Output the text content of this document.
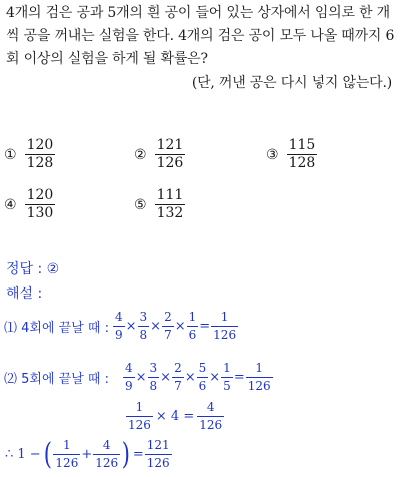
4개의 검은 공과 5개의 흰 공이 들어 있는 상자에서 임의로 한 개
씩 공을 꺼내는 실험을 한다. 4개의 검은 공이 모두 나올 때까지 6
회 이상의 실험을 하게 될 확률은?
(단, 꺼낸 공은 다시 넣지 않는다.)
① $\frac{120}{128}$	② $\frac{121}{126}$	③ $\frac{115}{128}$
④ $\frac{120}{130}$	⑤ $\frac{111}{132}$
정답 : ②
해설 :
⑴ 4회에 끝날 때 : $\frac{4}{9} \times \frac{3}{8} \times \frac{2}{7} \times \frac{1}{6} = \frac{1}{126}$
⑵ 5회에 끝날 때 : $\frac{4}{9} \times \frac{3}{8} \times \frac{2}{7} \times \frac{5}{6} \times \frac{1}{5} = \frac{1}{126}$
$\frac{1}{126} \times 4 = \frac{4}{126}$
∴ 1 − ( $\frac{1}{126} + \frac{4}{126}$ ) = $\frac{121}{126}$
